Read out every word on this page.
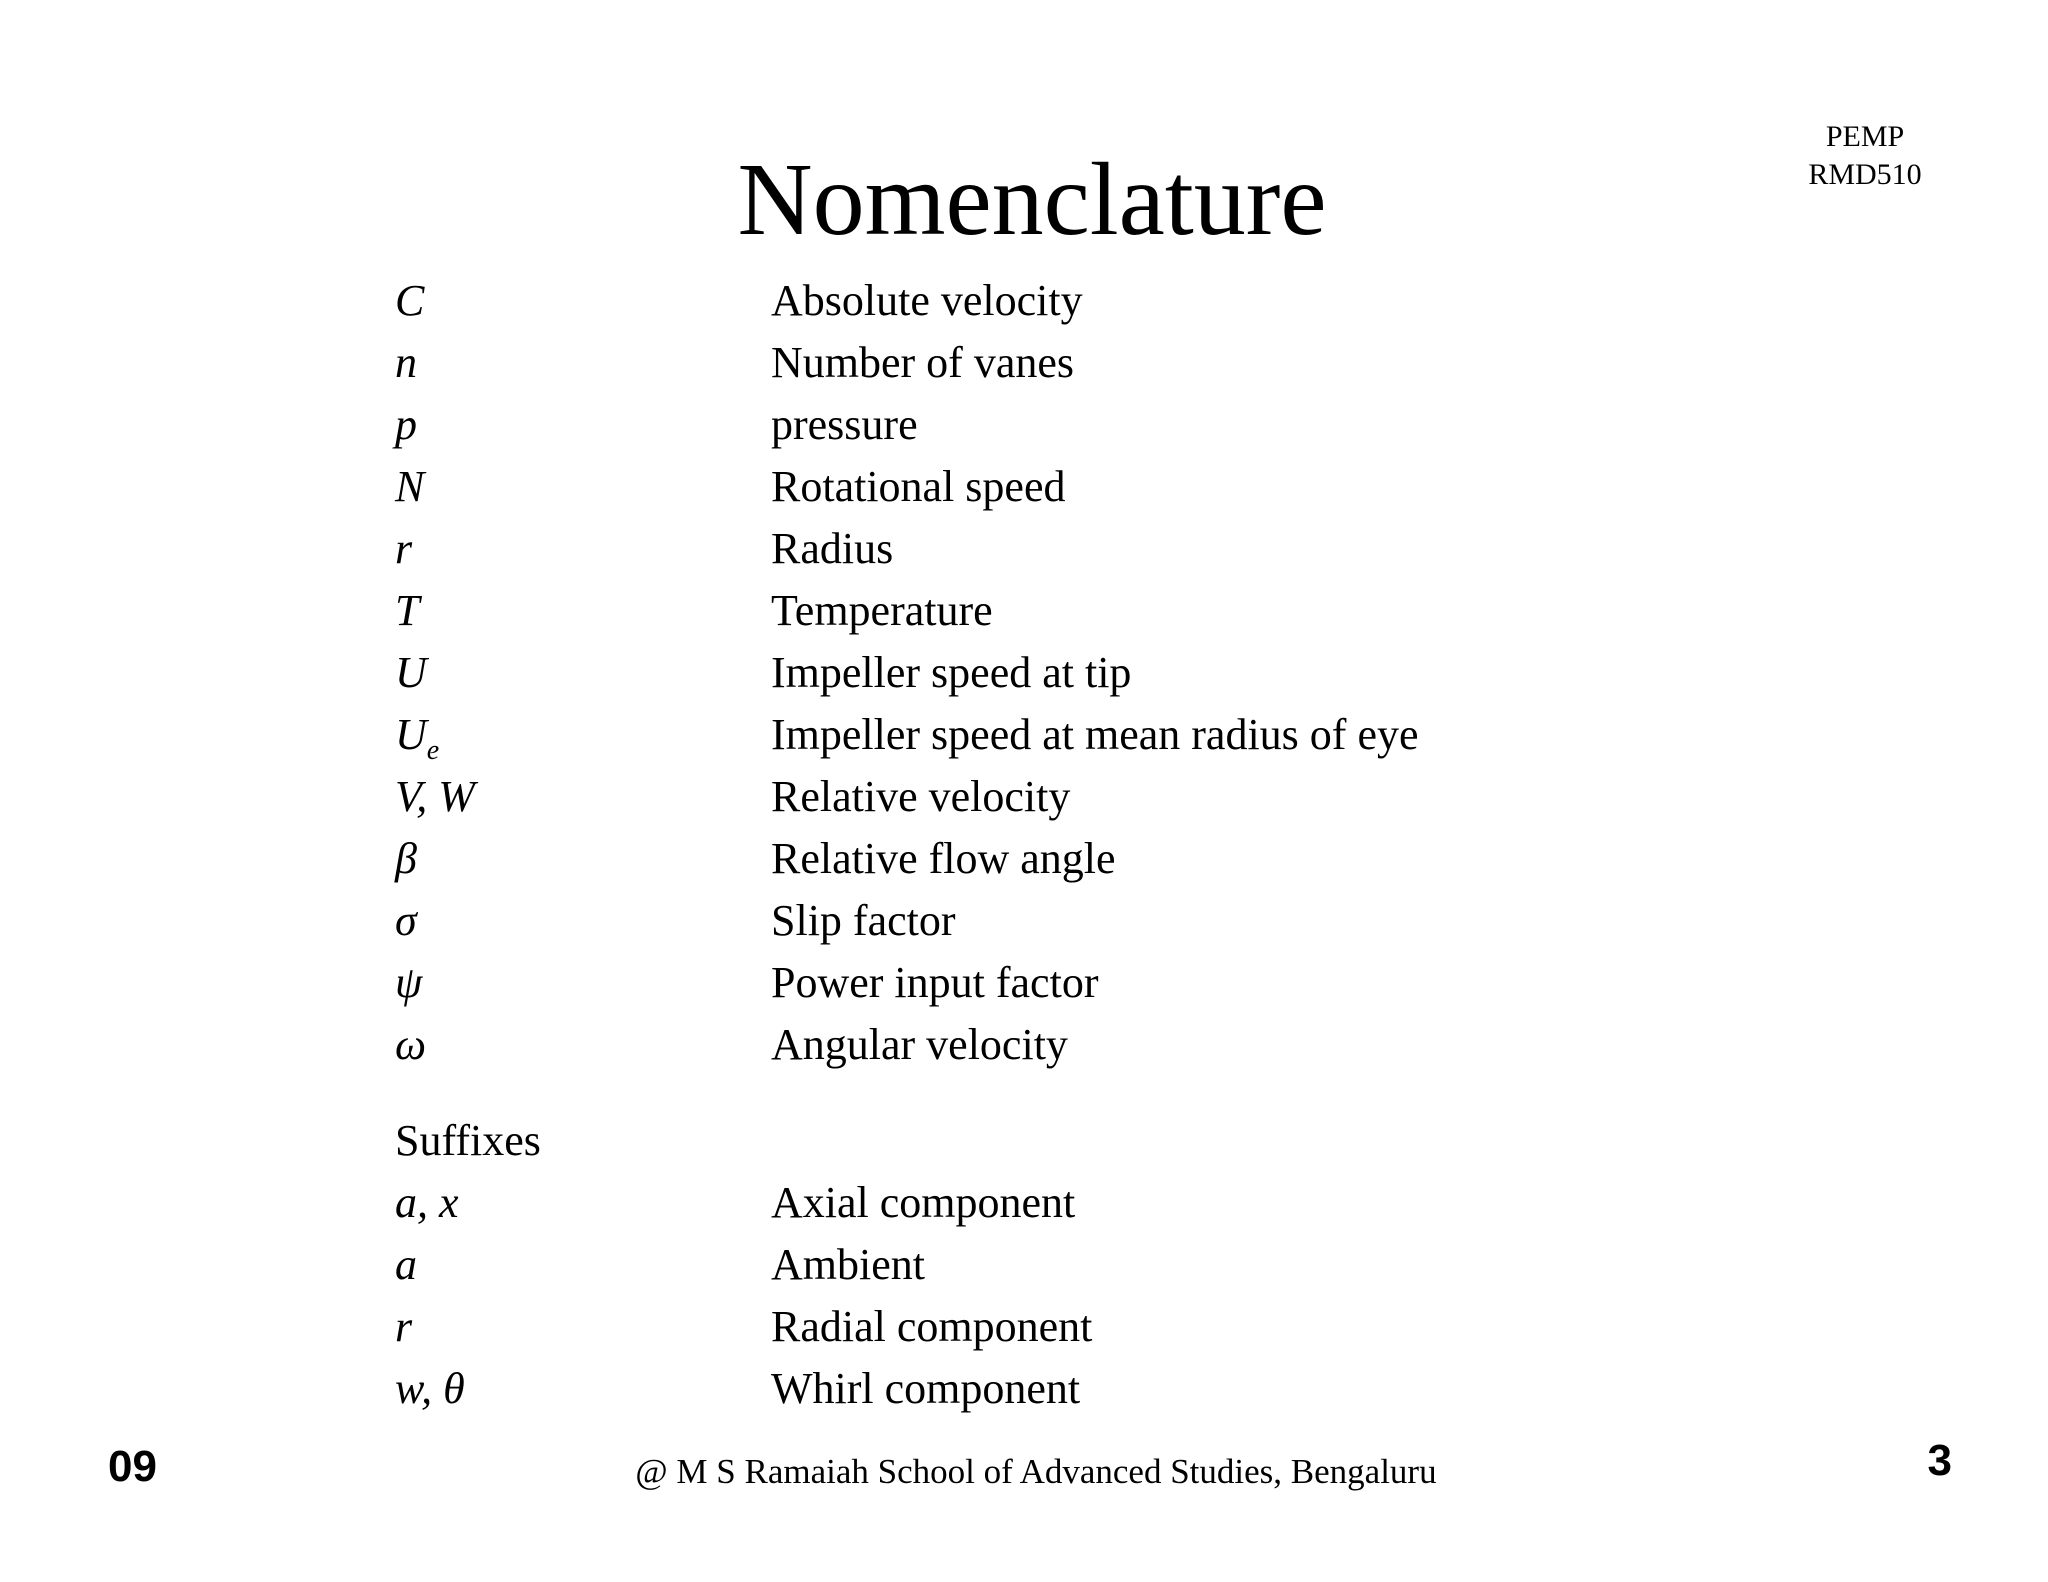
PEMP
RMD510
Nomenclature
C	Absolute velocity
n	Number of vanes
p	pressure
N	Rotational speed
r	Radius
T	Temperature
U	Impeller speed at tip
$U_e$	Impeller speed at mean radius of eye
V, W	Relative velocity
β	Relative flow angle
σ	Slip factor
ψ	Power input factor
ω	Angular velocity
Suffixes
a, x	Axial component
a	Ambient
r	Radial component
w, θ	Whirl component
09	@ M S Ramaiah School of Advanced Studies, Bengaluru	3
